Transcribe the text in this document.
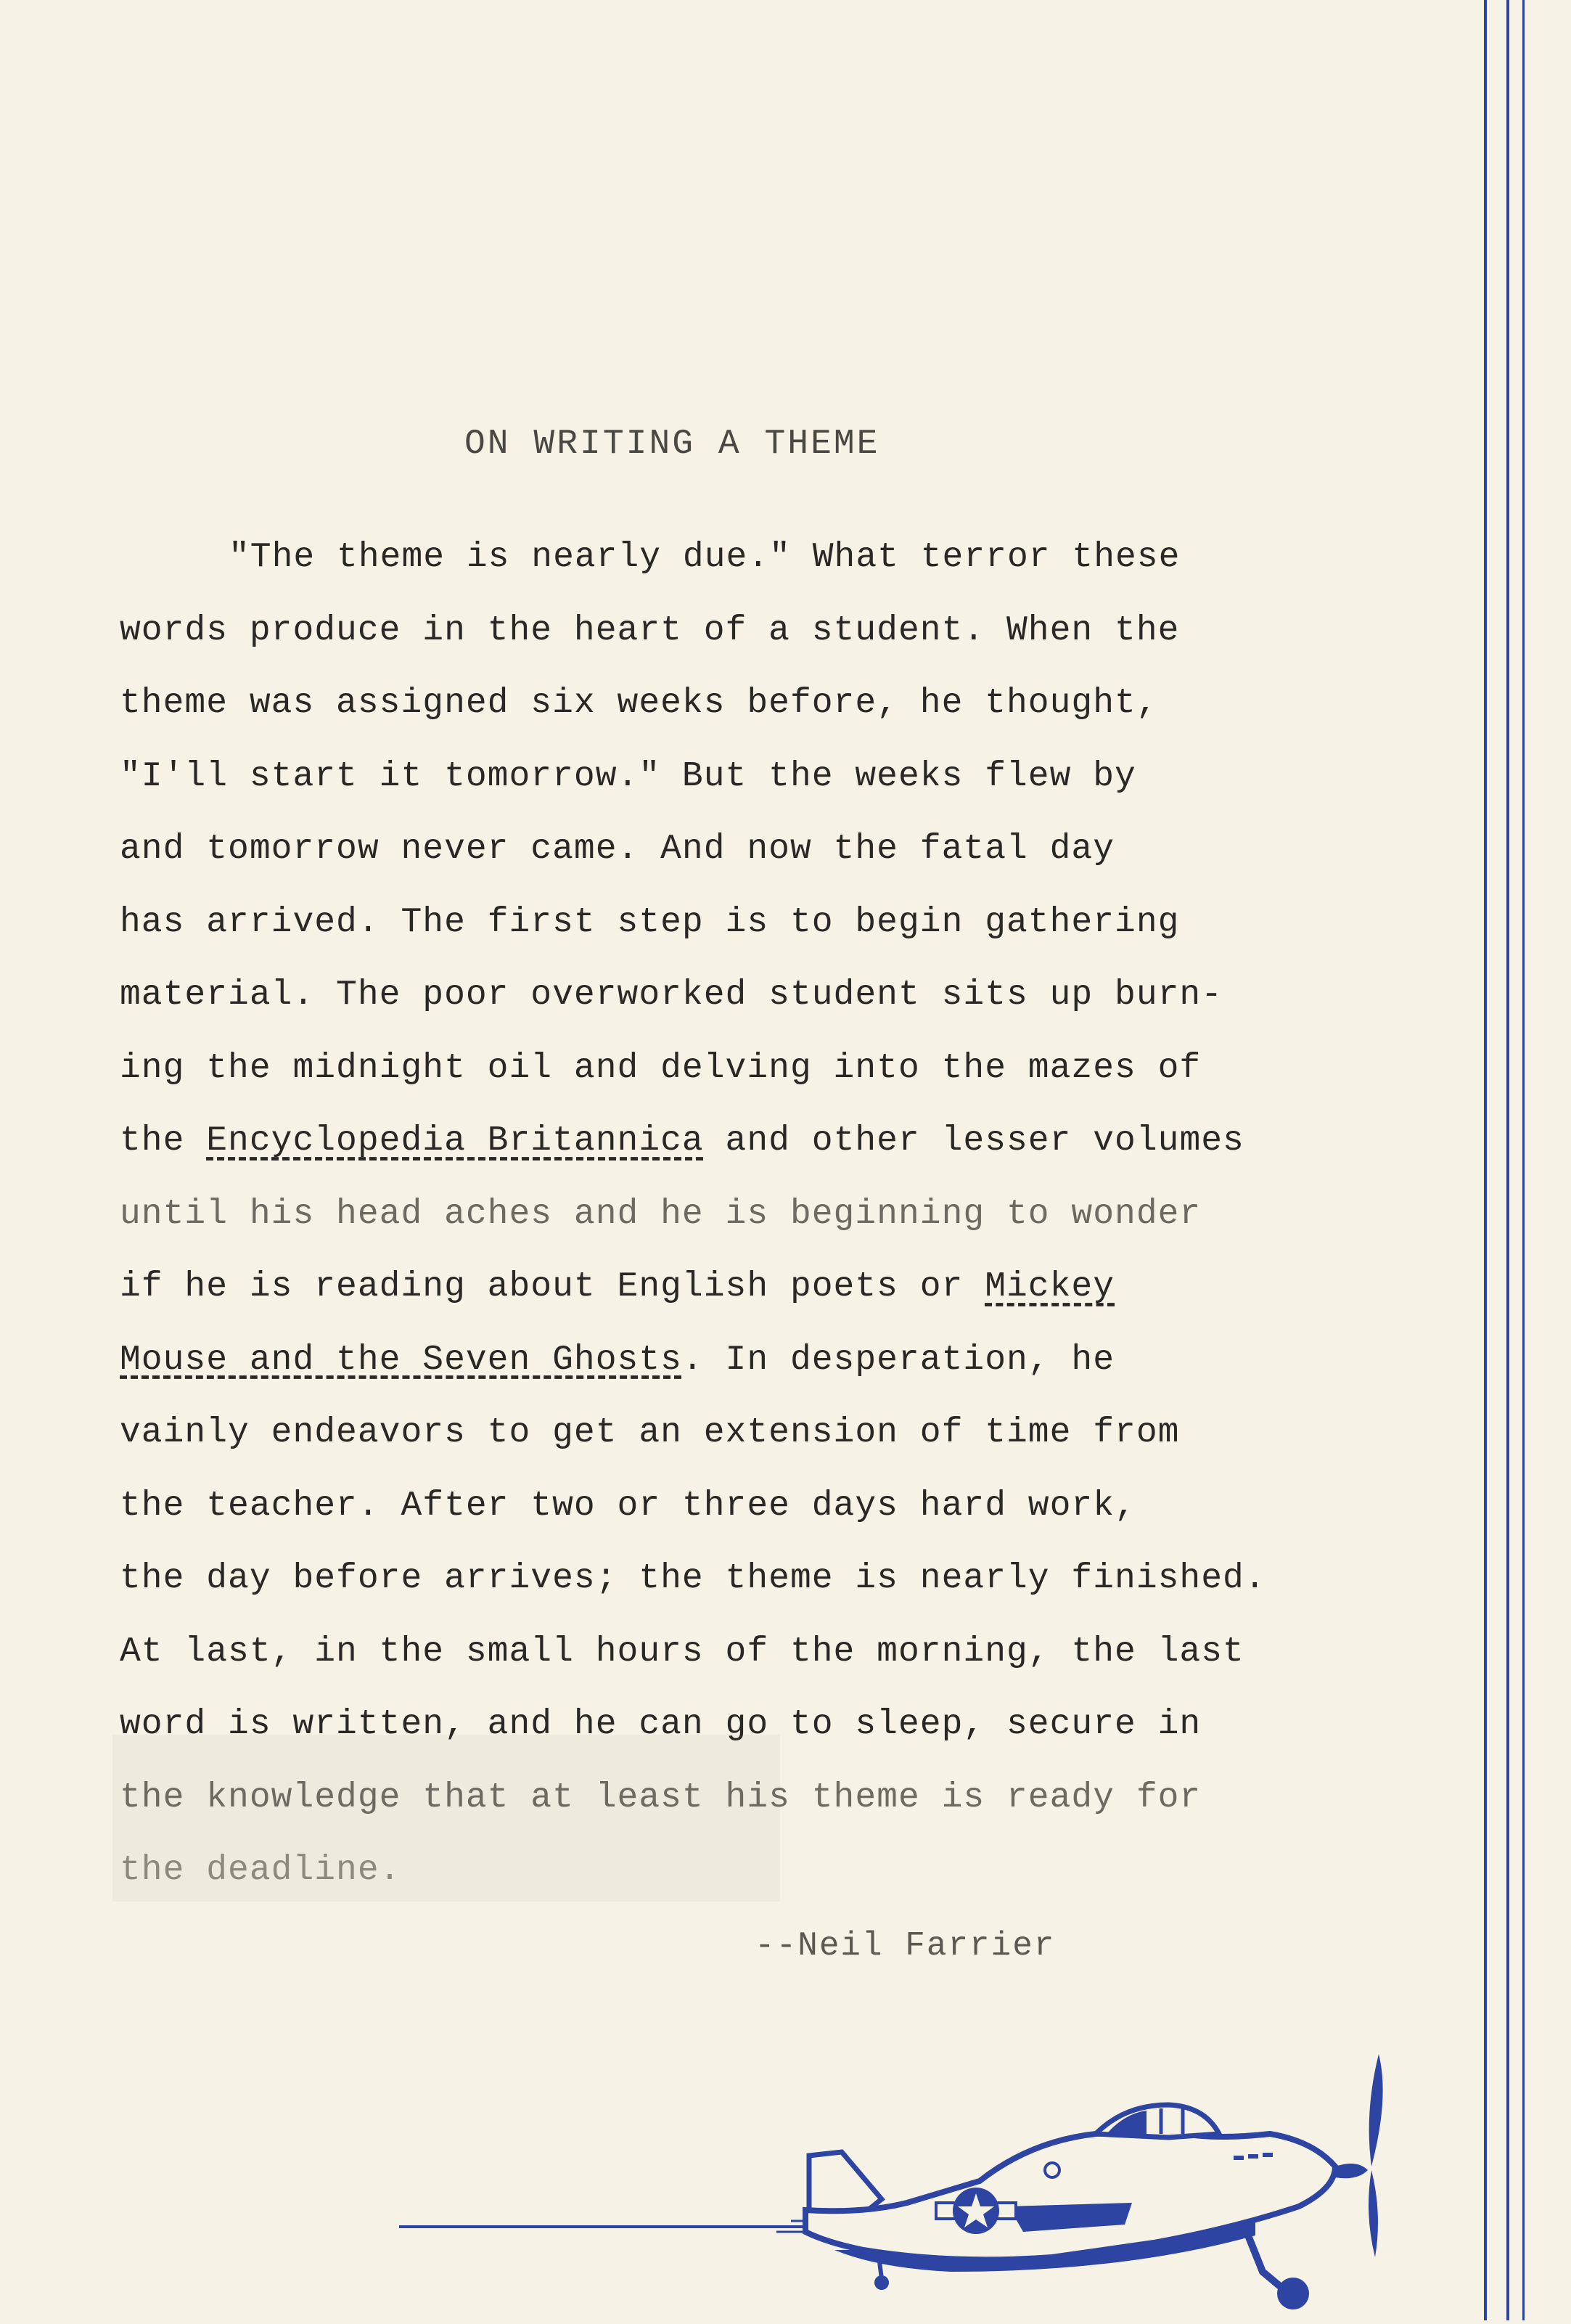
ON WRITING A THEME
"The theme is nearly due." What terror these
words produce in the heart of a student. When the
theme was assigned six weeks before, he thought,
"I'll start it tomorrow." But the weeks flew by
and tomorrow never came. And now the fatal day
has arrived. The first step is to begin gathering
material. The poor overworked student sits up burn-
ing the midnight oil and delving into the mazes of
the Encyclopedia Britannica and other lesser volumes
until his head aches and he is beginning to wonder
if he is reading about English poets or Mickey
Mouse and the Seven Ghosts. In desperation, he
vainly endeavors to get an extension of time from
the teacher. After two or three days hard work,
the day before arrives; the theme is nearly finished.
At last, in the small hours of the morning, the last
word is written, and he can go to sleep, secure in
the knowledge that at least his theme is ready for
the deadline.
--Neil Farrier
